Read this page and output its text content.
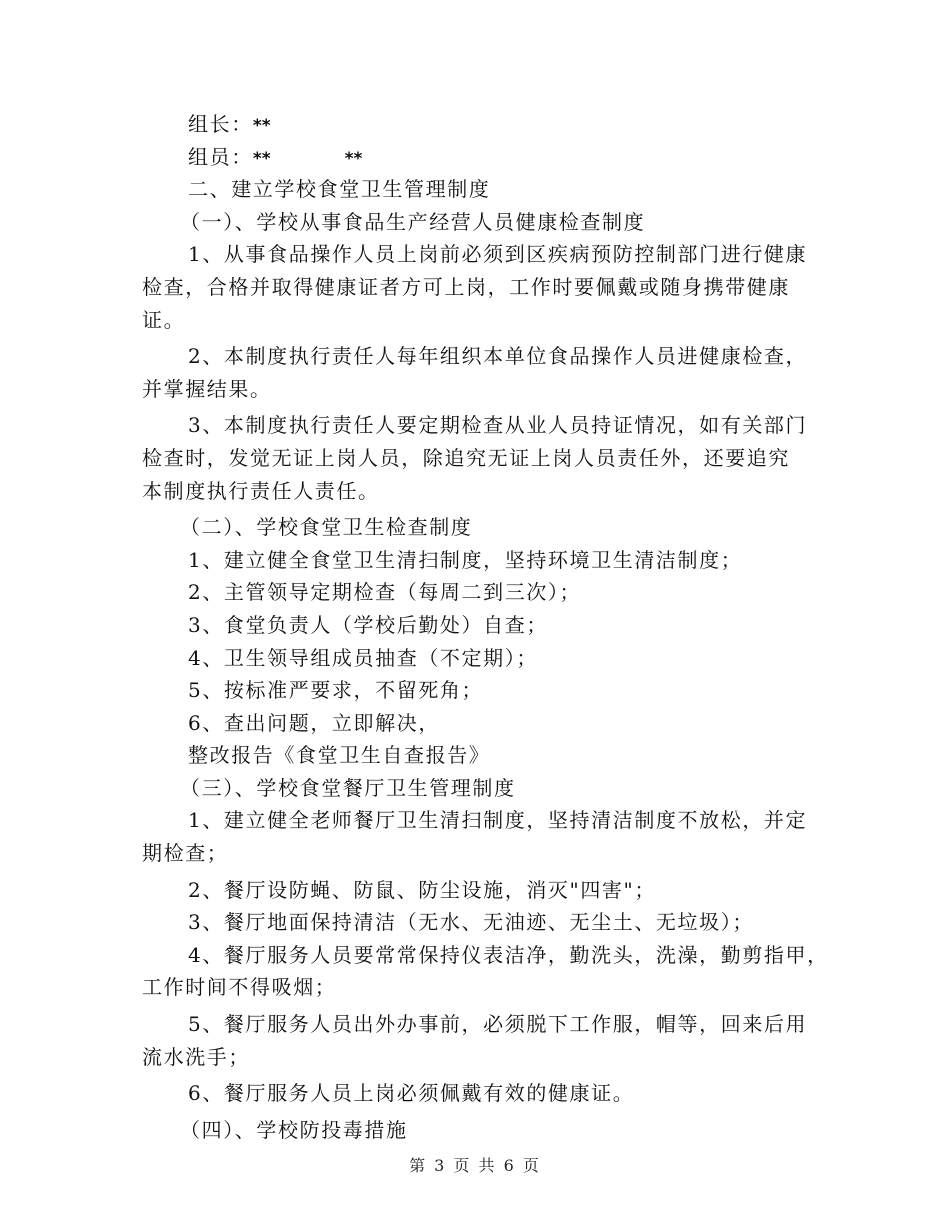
组长：**
组员：**	**
二、建立学校食堂卫生管理制度
（一）、学校从事食品生产经营人员健康检查制度
1、从事食品操作人员上岗前必须到区疾病预防控制部门进行健康
检查，合格并取得健康证者方可上岗，工作时要佩戴或随身携带健康
证。
2、本制度执行责任人每年组织本单位食品操作人员进健康检查，
并掌握结果。
3、本制度执行责任人要定期检查从业人员持证情况，如有关部门
检查时，发觉无证上岗人员，除追究无证上岗人员责任外，还要追究
本制度执行责任人责任。
（二）、学校食堂卫生检查制度
1、建立健全食堂卫生清扫制度，坚持环境卫生清洁制度；
2、主管领导定期检查（每周二到三次）；
3、食堂负责人（学校后勤处）自查；
4、卫生领导组成员抽查（不定期）；
5、按标准严要求，不留死角；
6、查出问题，立即解决，
整改报告《食堂卫生自查报告》
（三）、学校食堂餐厅卫生管理制度
1、建立健全老师餐厅卫生清扫制度，坚持清洁制度不放松，并定
期检查；
2、餐厅设防蝇、防鼠、防尘设施，消灭"四害"；
3、餐厅地面保持清洁（无水、无油迹、无尘土、无垃圾）；
4、餐厅服务人员要常常保持仪表洁净，勤洗头，洗澡，勤剪指甲，
工作时间不得吸烟；
5、餐厅服务人员出外办事前，必须脱下工作服，帽等，回来后用
流水洗手；
6、餐厅服务人员上岗必须佩戴有效的健康证。
（四）、学校防投毒措施
第 3 页 共 6 页
